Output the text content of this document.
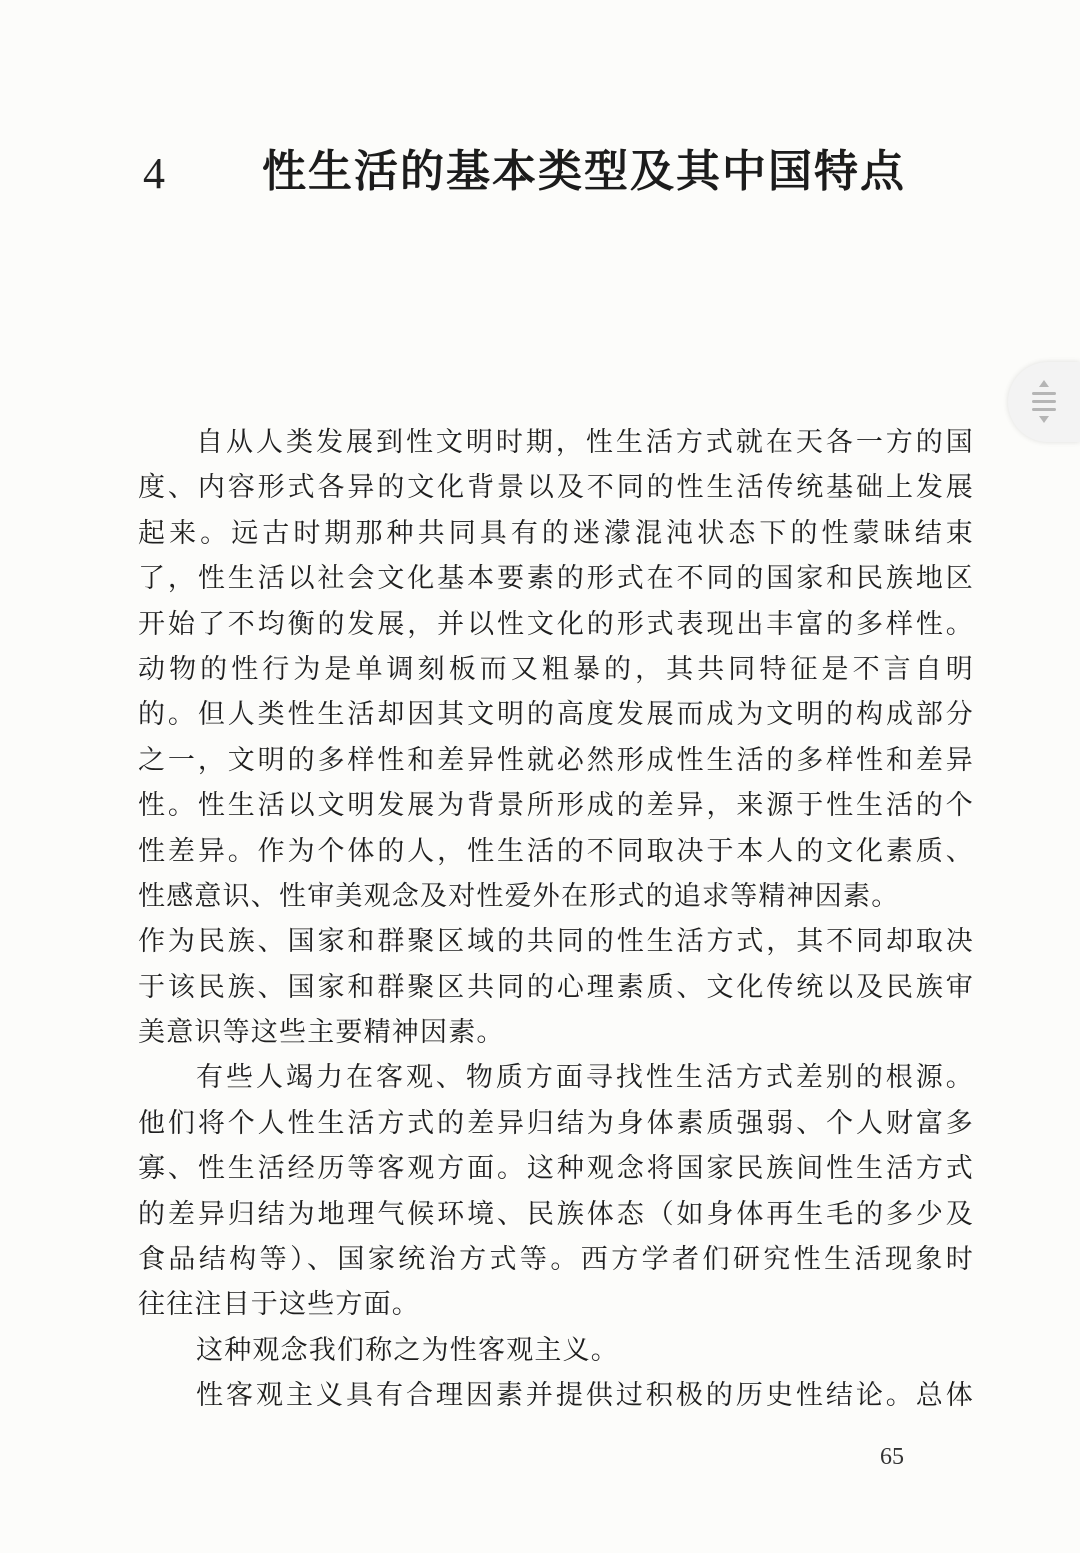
4 性生活的基本类型及其中国特点
自从人类发展到性文明时期，性生活方式就在天各一方的国
度、内容形式各异的文化背景以及不同的性生活传统基础上发展
起来。远古时期那种共同具有的迷濛混沌状态下的性蒙昧结束
了，性生活以社会文化基本要素的形式在不同的国家和民族地区
开始了不均衡的发展，并以性文化的形式表现出丰富的多样性。
动物的性行为是单调刻板而又粗暴的，其共同特征是不言自明
的。但人类性生活却因其文明的高度发展而成为文明的构成部分
之一，文明的多样性和差异性就必然形成性生活的多样性和差异
性。性生活以文明发展为背景所形成的差异，来源于性生活的个
性差异。作为个体的人，性生活的不同取决于本人的文化素质、
性感意识、性审美观念及对性爱外在形式的追求等精神因素。
作为民族、国家和群聚区域的共同的性生活方式，其不同却取决
于该民族、国家和群聚区共同的心理素质、文化传统以及民族审
美意识等这些主要精神因素。
有些人竭力在客观、物质方面寻找性生活方式差别的根源。
他们将个人性生活方式的差异归结为身体素质强弱、个人财富多
寡、性生活经历等客观方面。这种观念将国家民族间性生活方式
的差异归结为地理气候环境、民族体态（如身体再生毛的多少及
食品结构等）、国家统治方式等。西方学者们研究性生活现象时
往往注目于这些方面。
这种观念我们称之为性客观主义。
性客观主义具有合理因素并提供过积极的历史性结论。总体
65
